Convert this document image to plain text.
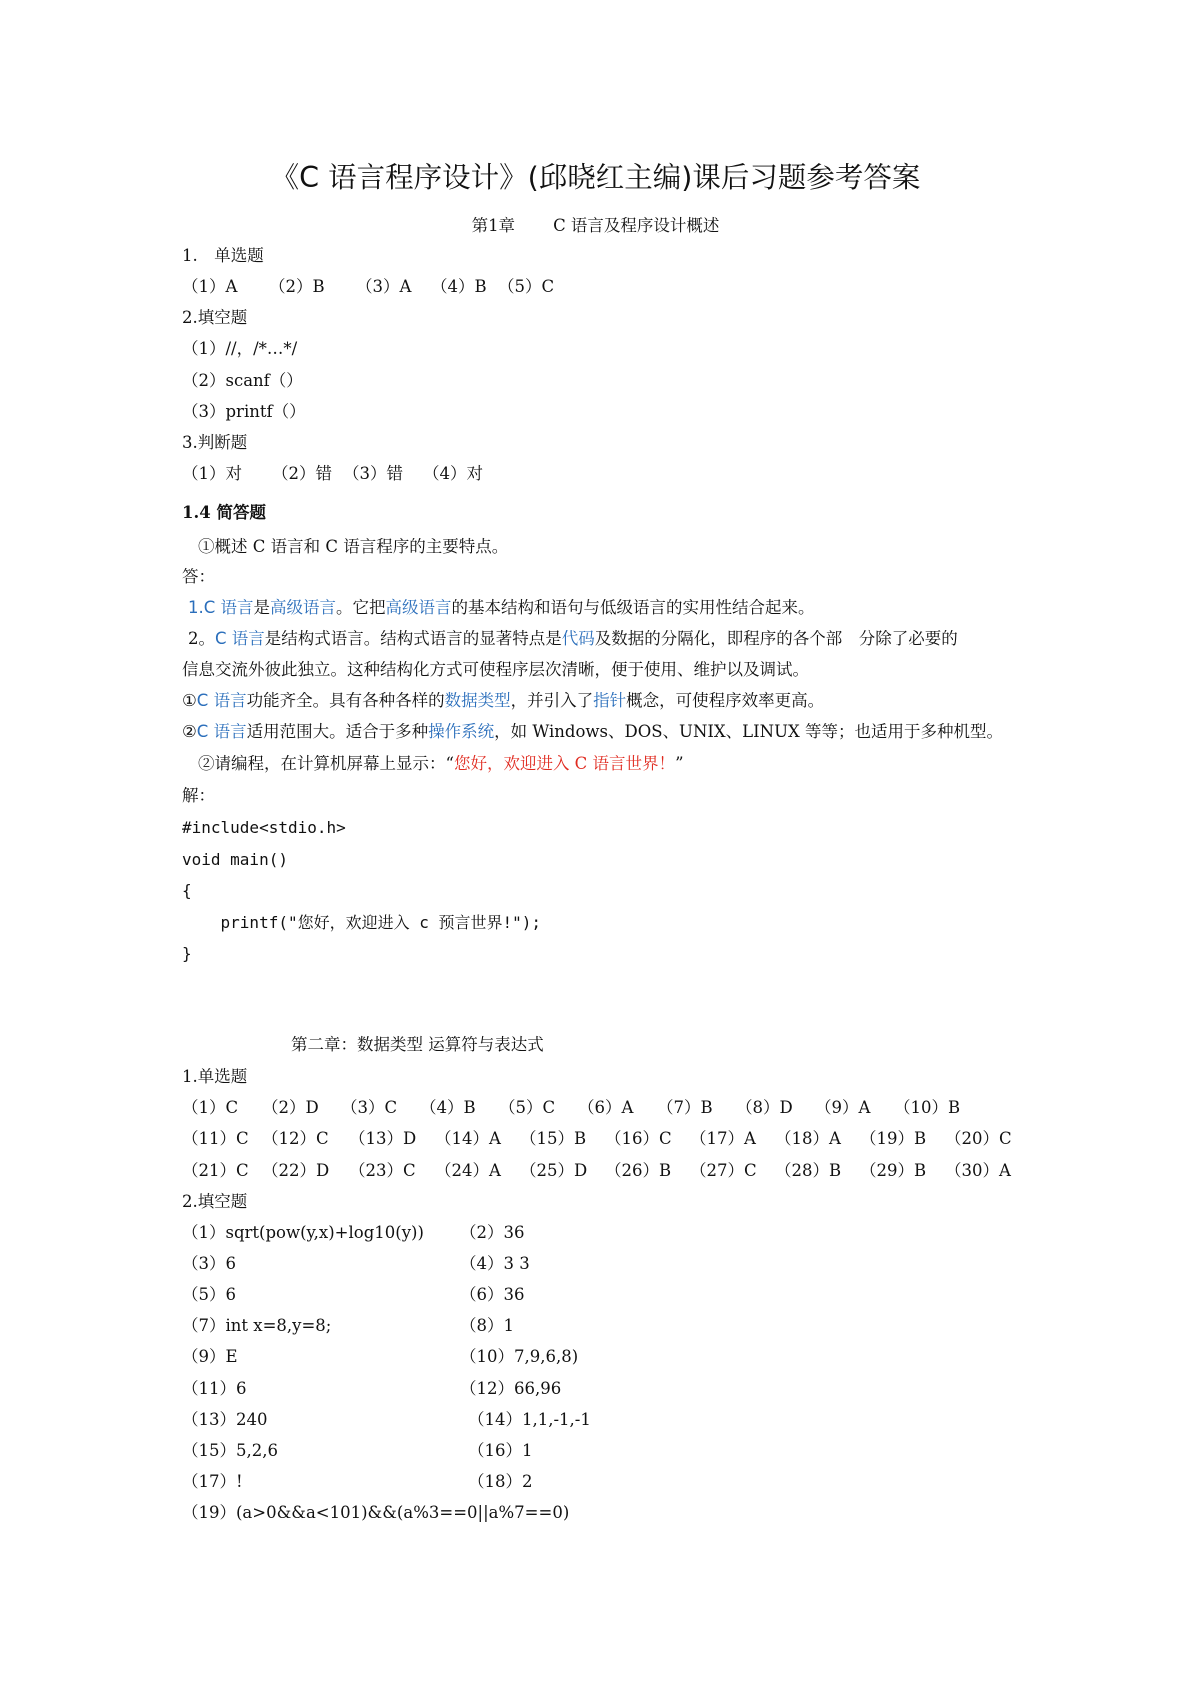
《C 语言程序设计》(邱晓红主编)课后习题参考答案
第1章 C 语言及程序设计概述
1.　单选题
（1）A （2）B （3）A （4）B （5）C
2.填空题
（1）//，/*…*/
（2）scanf（）
（3）printf（）
3.判断题
（1）对 （2）错 （3）错 （4）对
1.4 简答题
①概述 C 语言和 C 语言程序的主要特点。
答：
1.C 语言是高级语言。它把高级语言的基本结构和语句与低级语言的实用性结合起来。
2。C 语言是结构式语言。结构式语言的显著特点是代码及数据的分隔化，即程序的各个部　分除了必要的
信息交流外彼此独立。这种结构化方式可使程序层次清晰，便于使用、维护以及调试。
①C 语言功能齐全。具有各种各样的数据类型，并引入了指针概念，可使程序效率更高。
②C 语言适用范围大。适合于多种操作系统，如 Windows、DOS、UNIX、LINUX 等等；也适用于多种机型。
②请编程，在计算机屏幕上显示：“您好，欢迎进入 C 语言世界！”
解：
#include<stdio.h>
void main()
{
printf("您好，欢迎进入 c 预言世界!");
}
第二章：数据类型 运算符与表达式
1.单选题
（1）C （2）D （3）C （4）B （5）C （6）A （7）B （8）D （9）A （10）B
（11）C （12）C （13）D （14）A （15）B （16）C （17）A （18）A （19）B （20）C
（21）C （22）D （23）C （24）A （25）D （26）B （27）C （28）B （29）B （30）A
2.填空题
（1）sqrt(pow(y,x)+log10(y)) （2）36
（3）6	（4）3 3
（5）6	（6）36
（7）int x=8,y=8;	（8）1
（9）E	（10）7,9,6,8)
（11）6	（12）66,96
（13）240	（14）1,1,-1,-1
（15）5,2,6	（16）1
（17）!	（18）2
（19）(a>0&&a<101)&&(a%3==0||a%7==0)
